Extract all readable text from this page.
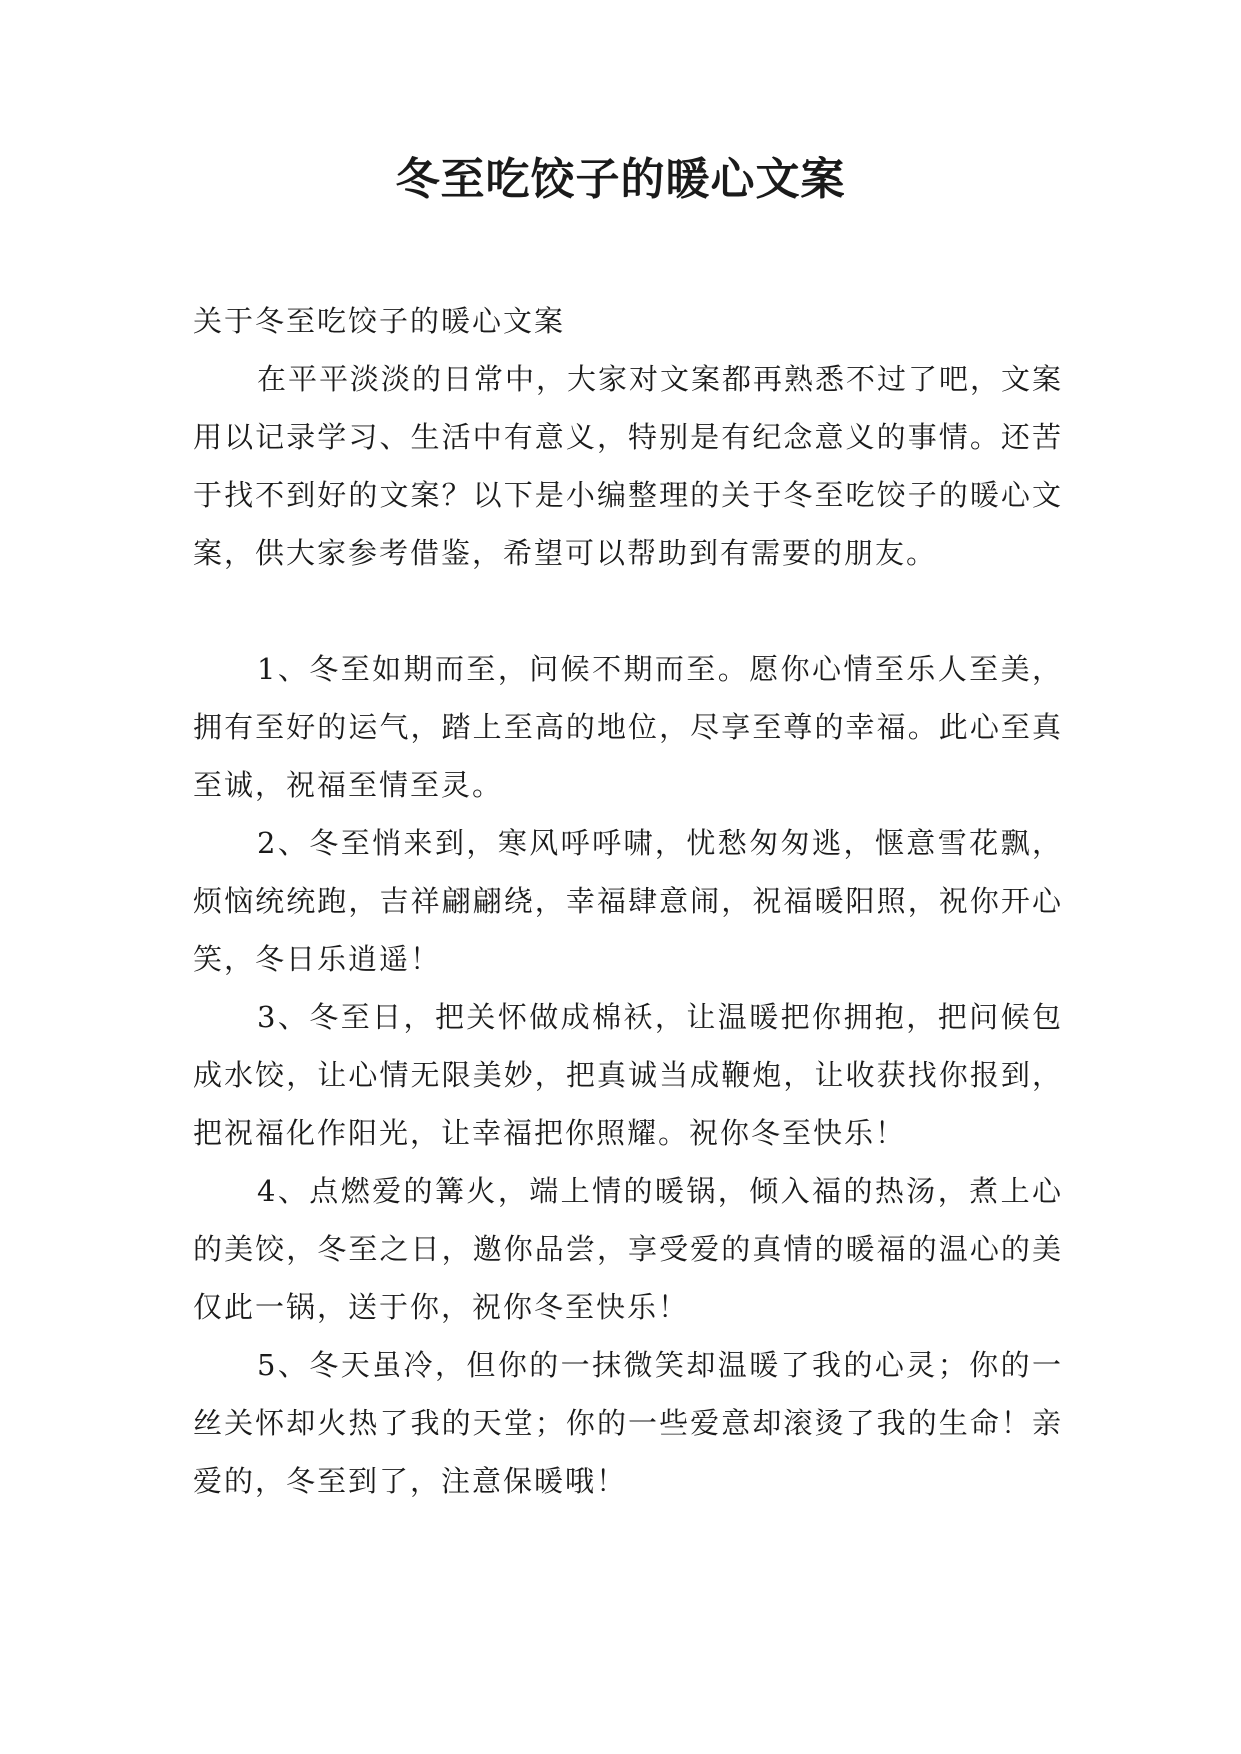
冬至吃饺子的暖心文案

关于冬至吃饺子的暖心文案

在平平淡淡的日常中，大家对文案都再熟悉不过了吧，文案用以记录学习、生活中有意义，特别是有纪念意义的事情。还苦于找不到好的文案？以下是小编整理的关于冬至吃饺子的暖心文案，供大家参考借鉴，希望可以帮助到有需要的朋友。

1、冬至如期而至，问候不期而至。愿你心情至乐人至美，拥有至好的运气，踏上至高的地位，尽享至尊的幸福。此心至真至诚，祝福至情至灵。

2、冬至悄来到，寒风呼呼啸，忧愁匆匆逃，惬意雪花飘，烦恼统统跑，吉祥翩翩绕，幸福肆意闹，祝福暖阳照，祝你开心笑，冬日乐逍遥！

3、冬至日，把关怀做成棉袄，让温暖把你拥抱，把问候包成水饺，让心情无限美妙，把真诚当成鞭炮，让收获找你报到，把祝福化作阳光，让幸福把你照耀。祝你冬至快乐！

4、点燃爱的篝火，端上情的暖锅，倾入福的热汤，煮上心的美饺，冬至之日，邀你品尝，享受爱的真情的暖福的温心的美仅此一锅，送于你，祝你冬至快乐！

5、冬天虽冷，但你的一抹微笑却温暖了我的心灵；你的一丝关怀却火热了我的天堂；你的一些爱意却滚烫了我的生命！亲爱的，冬至到了，注意保暖哦！
